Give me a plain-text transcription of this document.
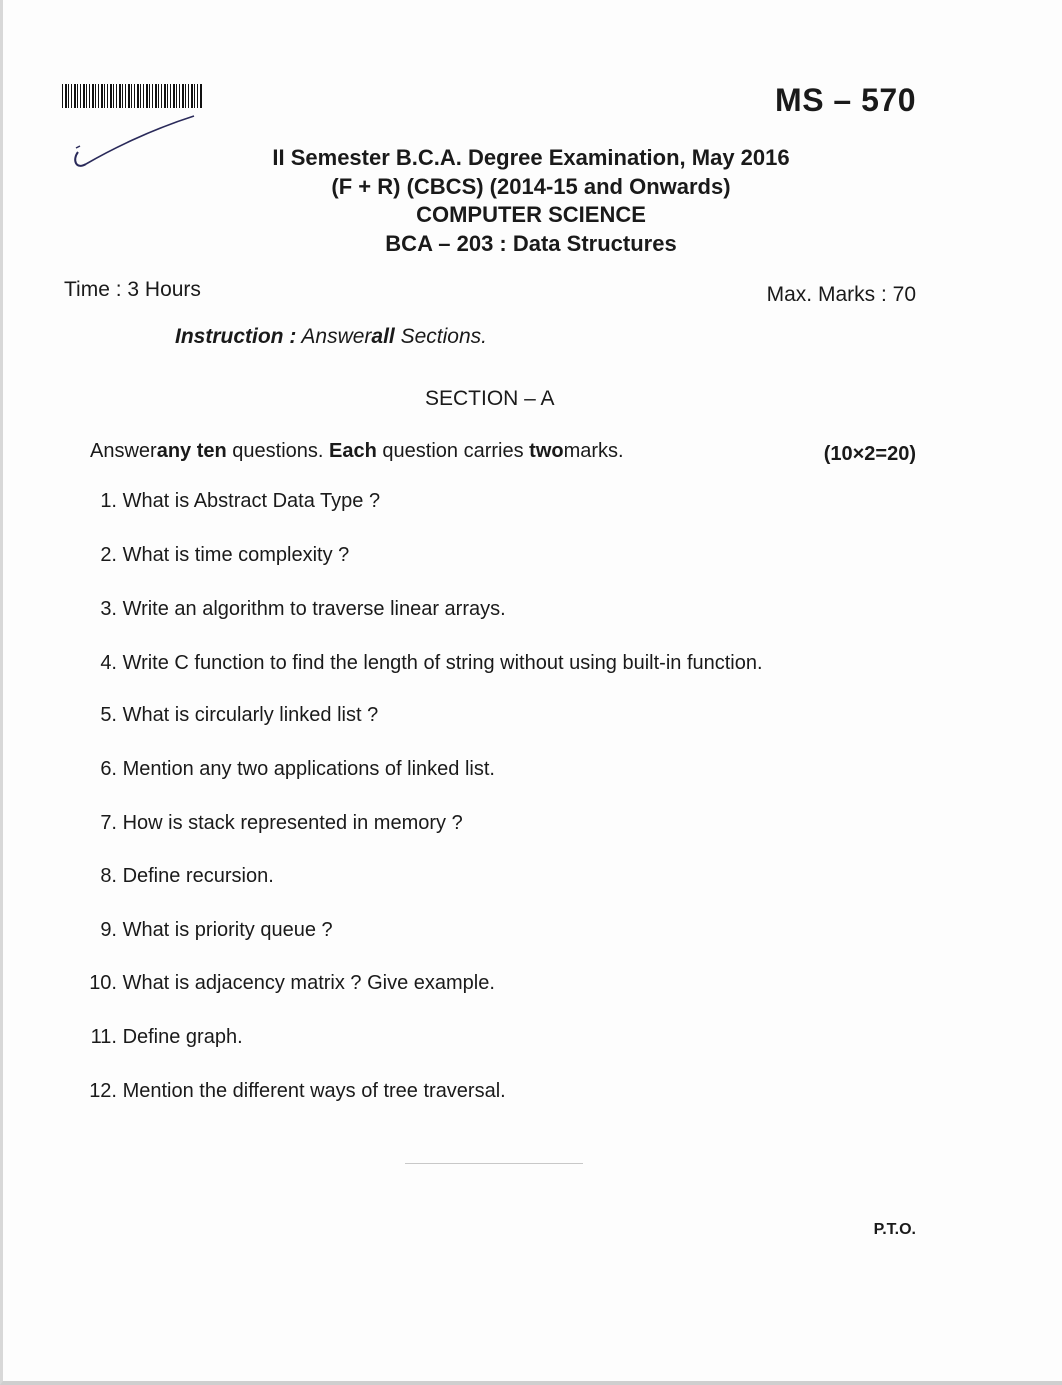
MS – 570
II Semester B.C.A. Degree Examination, May 2016
(F + R) (CBCS) (2014-15 and Onwards)
COMPUTER SCIENCE
BCA – 203 : Data Structures
Time : 3 Hours	Max. Marks : 70
Instruction : Answerall Sections.
SECTION – A
Answerany ten questions. Each question carries twomarks.	(10×2=20)
1. What is Abstract Data Type ?
2. What is time complexity ?
3. Write an algorithm to traverse linear arrays.
4. Write C function to find the length of string without using built-in function.
5. What is circularly linked list ?
6. Mention any two applications of linked list.
7. How is stack represented in memory ?
8. Define recursion.
9. What is priority queue ?
10. What is adjacency matrix ? Give example.
11. Define graph.
12. Mention the different ways of tree traversal.
P.T.O.
